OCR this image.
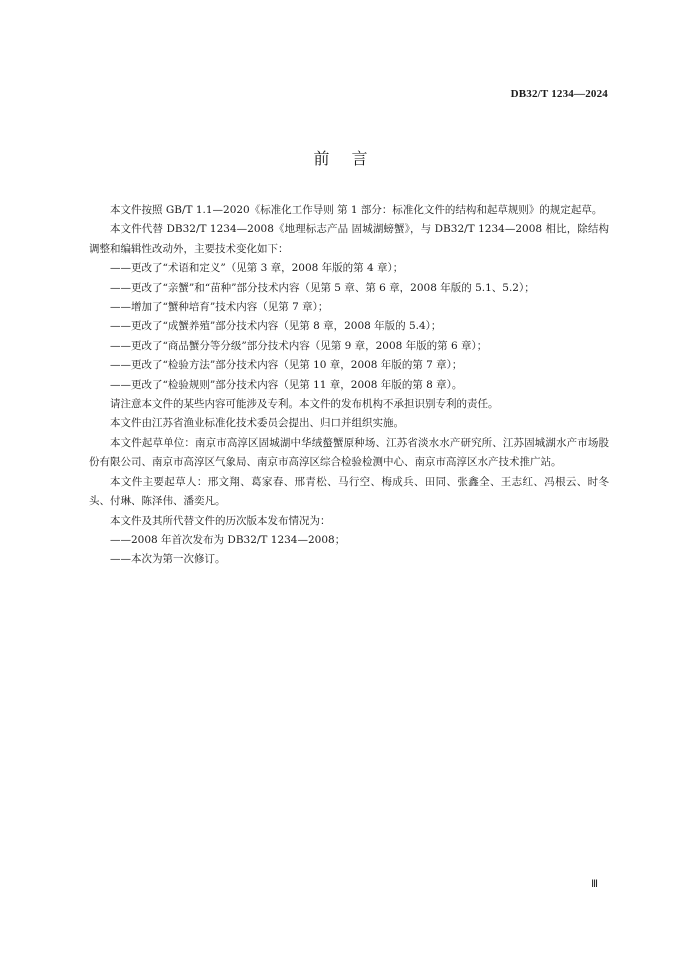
DB32/T 1234—2024
前言

本文件按照 GB/T 1.1—2020《标准化工作导则 第 1 部分：标准化文件的结构和起草规则》的规定起草。

本文件代替 DB32/T 1234—2008《地理标志产品 固城湖螃蟹》，与 DB32/T 1234—2008 相比，除结构调整和编辑性改动外，主要技术变化如下：

——更改了“术语和定义”（见第 3 章，2008 年版的第 4 章）；

——更改了“亲蟹”和“苗种”部分技术内容（见第 5 章、第 6 章，2008 年版的 5.1、5.2）；

——增加了“蟹种培育”技术内容（见第 7 章）；

——更改了“成蟹养殖”部分技术内容（见第 8 章，2008 年版的 5.4）；

——更改了“商品蟹分等分级”部分技术内容（见第 9 章，2008 年版的第 6 章）；

——更改了“检验方法”部分技术内容（见第 10 章，2008 年版的第 7 章）；

——更改了“检验规则”部分技术内容（见第 11 章，2008 年版的第 8 章）。

请注意本文件的某些内容可能涉及专利。本文件的发布机构不承担识别专利的责任。

本文件由江苏省渔业标准化技术委员会提出、归口并组织实施。

本文件起草单位：南京市高淳区固城湖中华绒螯蟹原种场、江苏省淡水水产研究所、江苏固城湖水产市场股份有限公司、南京市高淳区气象局、南京市高淳区综合检验检测中心、南京市高淳区水产技术推广站。

本文件主要起草人：邢文翔、葛家春、邢青松、马行空、梅成兵、田同、张鑫全、王志红、冯根云、时冬头、付琳、陈泽伟、潘奕凡。

本文件及其所代替文件的历次版本发布情况为：

——2008 年首次发布为 DB32/T 1234—2008；

——本次为第一次修订。

Ⅲ
